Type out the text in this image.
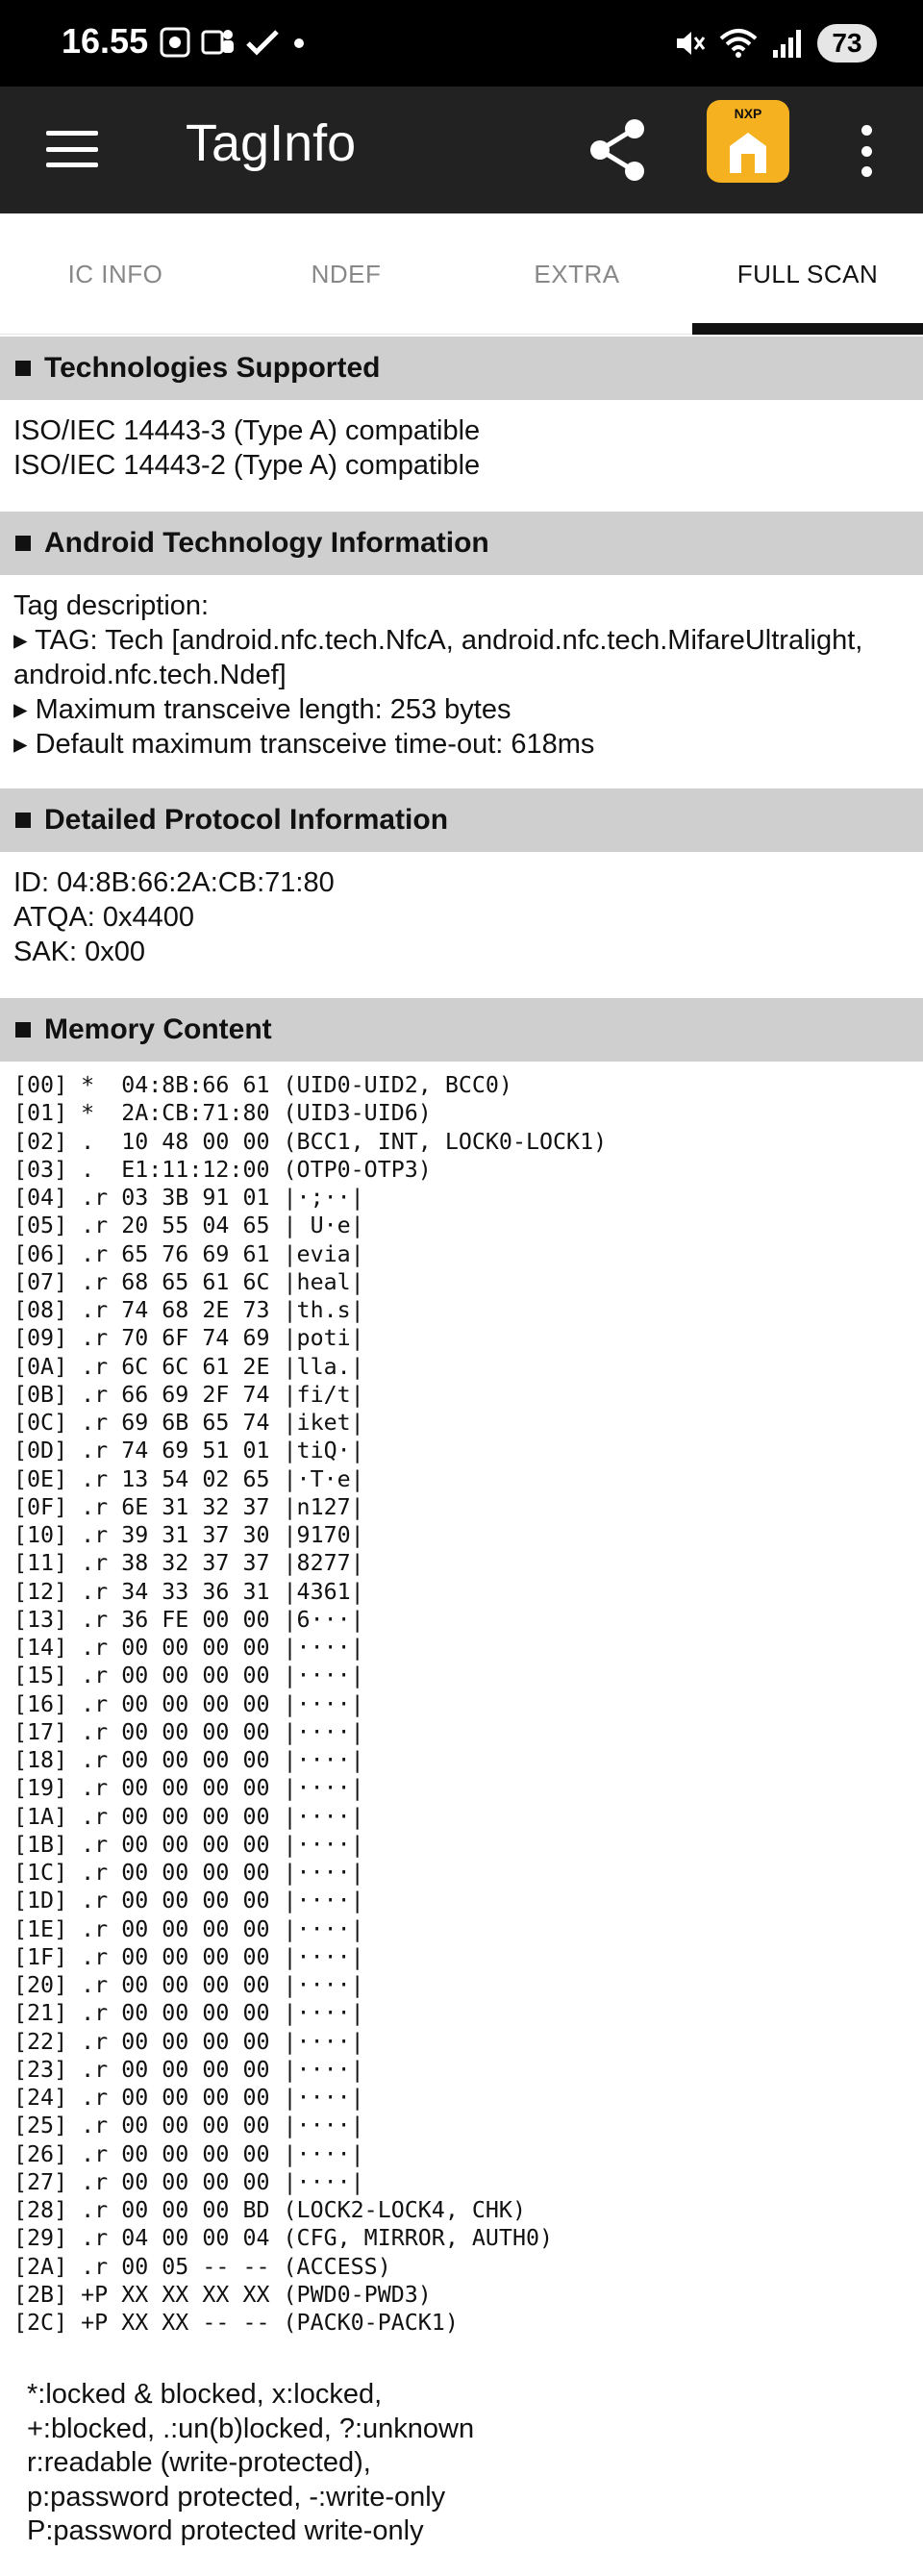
16.55	73
TagInfo
NXP
IC INFO	NDEF	EXTRA	FULL SCAN
Technologies Supported
ISO/IEC 14443-3 (Type A) compatible
ISO/IEC 14443-2 (Type A) compatible
Android Technology Information
Tag description:
▸ TAG: Tech [android.nfc.tech.NfcA, android.nfc.tech.MifareUltralight,
android.nfc.tech.Ndef]
▸ Maximum transceive length: 253 bytes
▸ Default maximum transceive time-out: 618ms
Detailed Protocol Information
ID: 04:8B:66:2A:CB:71:80
ATQA: 0x4400
SAK: 0x00
Memory Content
[00] *  04:8B:66 61 (UID0-UID2, BCC0)
[01] *  2A:CB:71:80 (UID3-UID6)
[02] .  10 48 00 00 (BCC1, INT, LOCK0-LOCK1)
[03] .  E1:11:12:00 (OTP0-OTP3)
[04] .r 03 3B 91 01 |·;··|
[05] .r 20 55 04 65 | U·e|
[06] .r 65 76 69 61 |evia|
[07] .r 68 65 61 6C |heal|
[08] .r 74 68 2E 73 |th.s|
[09] .r 70 6F 74 69 |poti|
[0A] .r 6C 6C 61 2E |lla.|
[0B] .r 66 69 2F 74 |fi/t|
[0C] .r 69 6B 65 74 |iket|
[0D] .r 74 69 51 01 |tiQ·|
[0E] .r 13 54 02 65 |·T·e|
[0F] .r 6E 31 32 37 |n127|
[10] .r 39 31 37 30 |9170|
[11] .r 38 32 37 37 |8277|
[12] .r 34 33 36 31 |4361|
[13] .r 36 FE 00 00 |6···|
[14] .r 00 00 00 00 |····|
[15] .r 00 00 00 00 |····|
[16] .r 00 00 00 00 |····|
[17] .r 00 00 00 00 |····|
[18] .r 00 00 00 00 |····|
[19] .r 00 00 00 00 |····|
[1A] .r 00 00 00 00 |····|
[1B] .r 00 00 00 00 |····|
[1C] .r 00 00 00 00 |····|
[1D] .r 00 00 00 00 |····|
[1E] .r 00 00 00 00 |····|
[1F] .r 00 00 00 00 |····|
[20] .r 00 00 00 00 |····|
[21] .r 00 00 00 00 |····|
[22] .r 00 00 00 00 |····|
[23] .r 00 00 00 00 |····|
[24] .r 00 00 00 00 |····|
[25] .r 00 00 00 00 |····|
[26] .r 00 00 00 00 |····|
[27] .r 00 00 00 00 |····|
[28] .r 00 00 00 BD (LOCK2-LOCK4, CHK)
[29] .r 04 00 00 04 (CFG, MIRROR, AUTH0)
[2A] .r 00 05 -- -- (ACCESS)
[2B] +P XX XX XX XX (PWD0-PWD3)
[2C] +P XX XX -- -- (PACK0-PACK1)
*:locked & blocked, x:locked,
+:blocked, .:un(b)locked, ?:unknown
r:readable (write-protected),
p:password protected, -:write-only
P:password protected write-only
